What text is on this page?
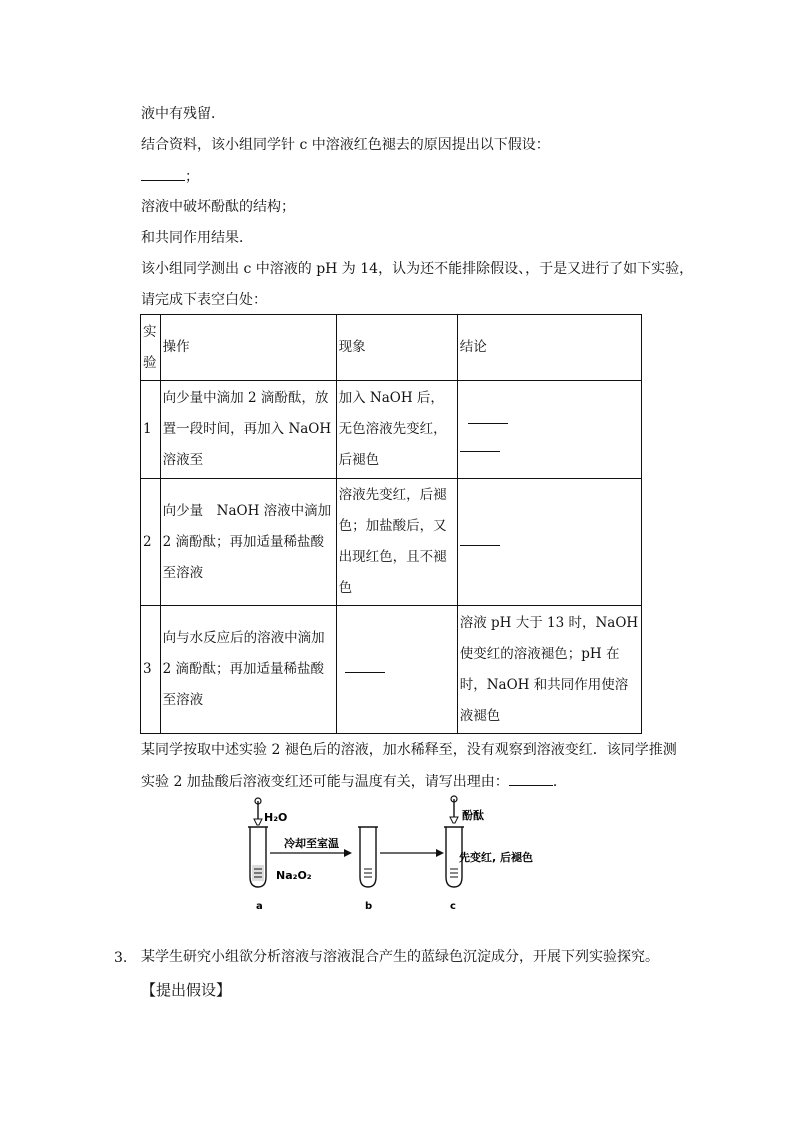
液中有残留．
结合资料，该小组同学针 c 中溶液红色褪去的原因提出以下假设：
；
溶液中破坏酚酞的结构；
和共同作用结果．
该小组同学测出 c 中溶液的 pH 为 14，认为还不能排除假设、，于是又进行了如下实验，
请完成下表空白处：
实验	操作	现象	结论
1	向少量中滴加 2 滴酚酞，放置一段时间，再加入 NaOH 溶液至	加入 NaOH 后，无色溶液先变红，后褪色	

2	向少量　NaOH 溶液中滴加 2 滴酚酞；再加适量稀盐酸至溶液	溶液先变红，后褪色；加盐酸后，又出现红色，且不褪色	
3	向与水反应后的溶液中滴加 2 滴酚酞；再加适量稀盐酸至溶液		溶液 pH 大于 13 时，NaOH 使变红的溶液褪色；pH 在时，NaOH 和共同作用使溶液褪色
某同学按取中述实验 2 褪色后的溶液，加水稀释至，没有观察到溶液变红．该同学推测
实验 2 加盐酸后溶液变红还可能与温度有关，请写出理由：	．
H₂O
Na₂O₂
a
冷却至室温
b
酚酞
先变红, 后褪色
c
3. 某学生研究小组欲分析溶液与溶液混合产生的蓝绿色沉淀成分，开展下列实验探究。
【提出假设】
